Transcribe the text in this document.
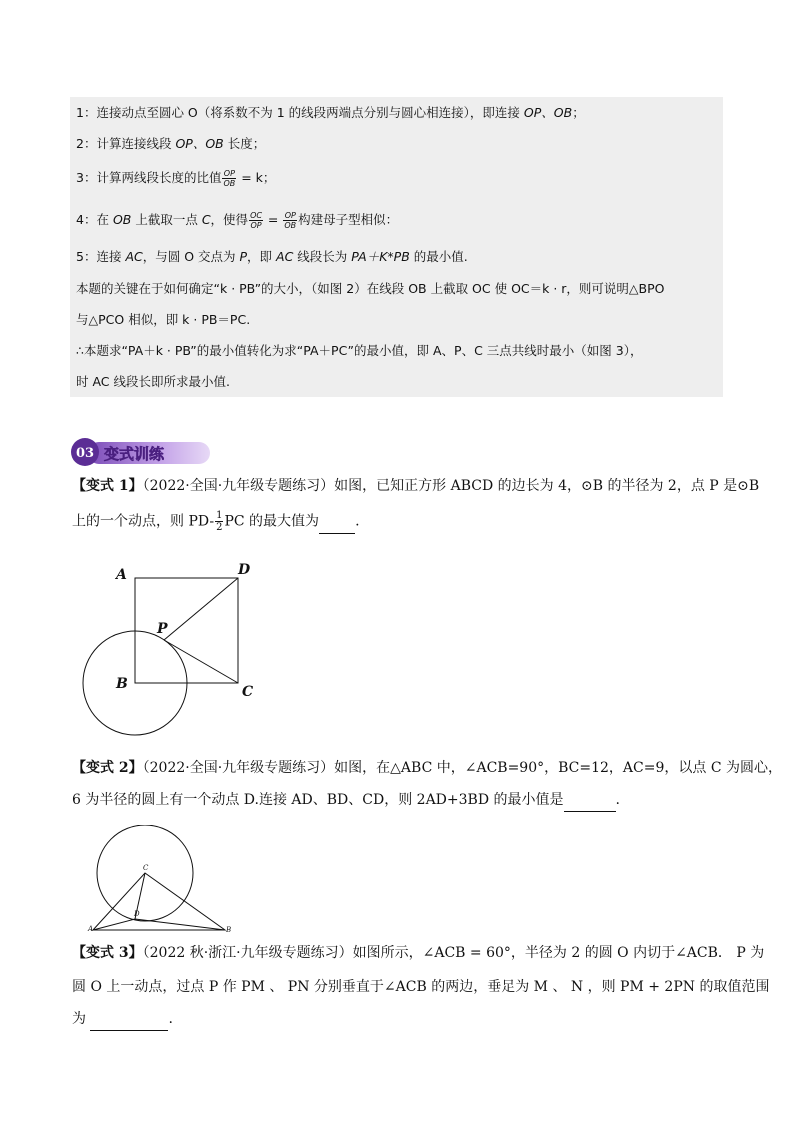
1：连接动点至圆心 O（将系数不为 1 的线段两端点分别与圆心相连接），即连接 OP、OB；
2：计算连接线段 OP、OB 长度；
3：计算两线段长度的比值 $\frac{OP}{OB} = k$；
4：在 OB 上截取一点 C，使得 $\frac{OC}{OP} = \frac{OP}{OB}$ 构建母子型相似：
5：连接 AC，与圆 O 交点为 P，即 AC 线段长为 PA＋K*PB 的最小值.
本题的关键在于如何确定“k · PB”的大小，（如图 2）在线段 OB 上截取 OC 使 OC＝k · r，则可说明△BPO
与△PCO 相似，即 k · PB＝PC.
∴本题求“PA＋k · PB”的最小值转化为求“PA＋PC”的最小值，即 A、P、C 三点共线时最小（如图 3），
时 AC 线段长即所求最小值.
03 变式训练
【变式 1】（2022·全国·九年级专题练习）如图，已知正方形 ABCD 的边长为 4，⊙B 的半径为 2，点 P 是⊙B
上的一个动点，则 $PD- \frac{1}{2}$ PC 的最大值为	.
A	D
P
B	C
【变式 2】（2022·全国·九年级专题练习）如图，在△ABC 中，∠ACB=90°，BC=12，AC=9，以点 C 为圆心，
6 为半径的圆上有一个动点 D.连接 AD、BD、CD，则 2AD+3BD 的最小值是	.
A
C
D
B
【变式 3】（2022 秋·浙江·九年级专题练习）如图所示，∠ACB = 60°，半径为 2 的圆 O 内切于∠ACB． P 为
圆 O 上一动点，过点 P 作 PM 、 PN 分别垂直于∠ACB 的两边，垂足为 M 、 N ，则 PM + 2PN 的取值范围
为	.
